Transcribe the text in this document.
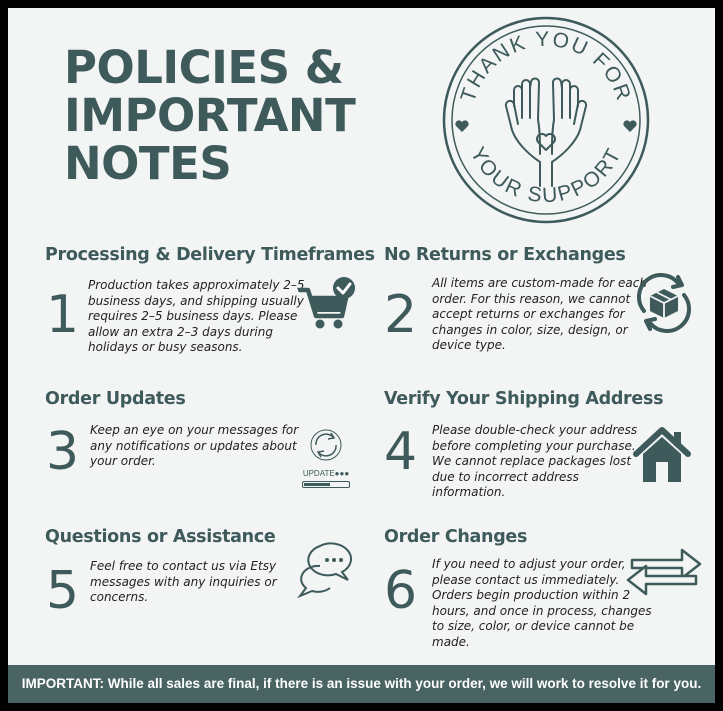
POLICIES &
IMPORTANT
NOTES
THANK YOU FOR
YOUR SUPPORT
Processing & Delivery Timeframes
1 Production takes approximately 2–5
business days, and shipping usually
requires 2–5 business days. Please
allow an extra 2–3 days during
holidays or busy seasons.
No Returns or Exchanges
2
All items are custom-made for each
order. For this reason, we cannot
accept returns or exchanges for
changes in color, size, design, or
device type.
Order Updates
3 Keep an eye on your messages for
any notifications or updates about
your order.
UPDATE●●●
Verify Your Shipping Address
4 Please double-check your address
before completing your purchase.
We cannot replace packages lost
due to incorrect address
information.
Questions or Assistance
5 Feel free to contact us via Etsy
messages with any inquiries or
concerns.
Order Changes
6 If you need to adjust your order,
please contact us immediately.
Orders begin production within 2
hours, and once in process, changes
to size, color, or device cannot be
made.
IMPORTANT: While all sales are final, if there is an issue with your order, we will work to resolve it for you.
